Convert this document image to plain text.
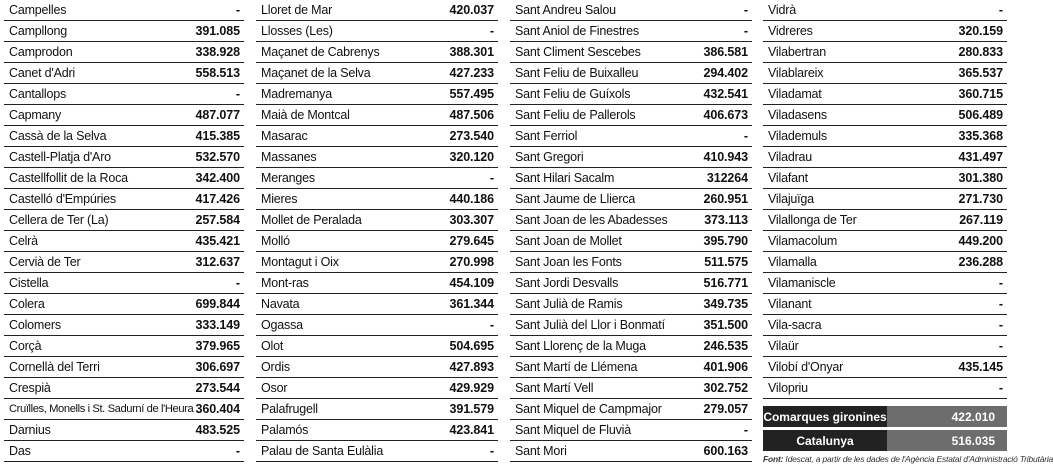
Campelles	-
Campllong	391.085
Camprodon	338.928
Canet d'Adri	558.513
Cantallops	-
Capmany	487.077
Cassà de la Selva	415.385
Castell-Platja d'Aro	532.570
Castellfollit de la Roca	342.400
Castelló d'Empúries	417.426
Cellera de Ter (La)	257.584
Celrà	435.421
Cervià de Ter	312.637
Cistella	-
Colera	699.844
Colomers	333.149
Corçà	379.965
Cornellà del Terri	306.697
Crespià	273.544
Cruïlles, Monells i St. Sadurní de l'Heura 360.404
Darnius	483.525
Das	-
Lloret de Mar	420.037
Llosses (Les)	-
Maçanet de Cabrenys	388.301
Maçanet de la Selva	427.233
Madremanya	557.495
Maià de Montcal	487.506
Masarac	273.540
Massanes	320.120
Meranges	-
Mieres	440.186
Mollet de Peralada	303.307
Molló	279.645
Montagut i Oix	270.998
Mont-ras	454.109
Navata	361.344
Ogassa	-
Olot	504.695
Ordis	427.893
Osor	429.929
Palafrugell	391.579
Palamós	423.841
Palau de Santa Eulàlia	-
Sant Andreu Salou	-
Sant Aniol de Finestres	-
Sant Climent Sescebes	386.581
Sant Feliu de Buixalleu	294.402
Sant Feliu de Guíxols	432.541
Sant Feliu de Pallerols	406.673
Sant Ferriol	-
Sant Gregori	410.943
Sant Hilari Sacalm	312264
Sant Jaume de Llierca	260.951
Sant Joan de les Abadesses	373.113
Sant Joan de Mollet	395.790
Sant Joan les Fonts	511.575
Sant Jordi Desvalls	516.771
Sant Julià de Ramis	349.735
Sant Julià del Llor i Bonmatí	351.500
Sant Llorenç de la Muga	246.535
Sant Martí de Llémena	401.906
Sant Martí Vell	302.752
Sant Miquel de Campmajor	279.057
Sant Miquel de Fluvià	-
Sant Mori	600.163
Vidrà	-
Vidreres	320.159
Vilabertran	280.833
Vilablareix	365.537
Viladamat	360.715
Viladasens	506.489
Vilademuls	335.368
Viladrau	431.497
Vilafant	301.380
Vilajuïga	271.730
Vilallonga de Ter	267.119
Vilamacolum	449.200
Vilamalla	236.288
Vilamaniscle	-
Vilanant	-
Vila-sacra	-
Vilaür	-
Vilobí d'Onyar	435.145
Vilopriu	-
Comarques gironines	422.010
Catalunya	516.035
Font: Idescat, a partir de les dades de l'Agència Estatal d'Administració Tributària
